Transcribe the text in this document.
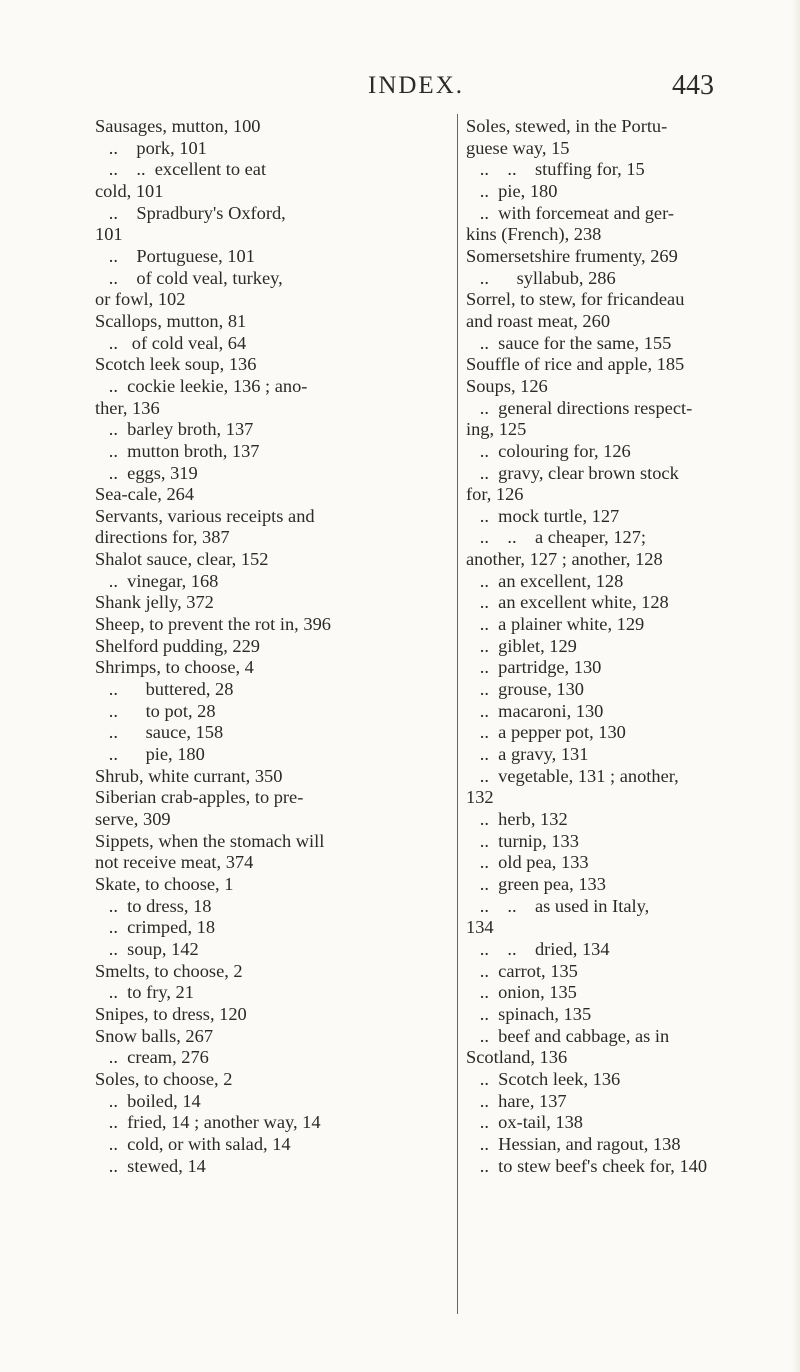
INDEX.	443
Sausages, mutton, 100
..    pork, 101
..    ..  excellent to eat
cold, 101
..    Spradbury's Oxford,
101
..    Portuguese, 101
..    of cold veal, turkey,
or fowl, 102
Scallops, mutton, 81
..   of cold veal, 64
Scotch leek soup, 136
..  cockie leekie, 136 ; ano-
ther, 136
..  barley broth, 137
..  mutton broth, 137
..  eggs, 319
Sea-cale, 264
Servants, various receipts and
directions for, 387
Shalot sauce, clear, 152
..  vinegar, 168
Shank jelly, 372
Sheep, to prevent the rot in, 396
Shelford pudding, 229
Shrimps, to choose, 4
..      buttered, 28
..      to pot, 28
..      sauce, 158
..      pie, 180
Shrub, white currant, 350
Siberian crab-apples, to pre-
serve, 309
Sippets, when the stomach will
not receive meat, 374
Skate, to choose, 1
..  to dress, 18
..  crimped, 18
..  soup, 142
Smelts, to choose, 2
..  to fry, 21
Snipes, to dress, 120
Snow balls, 267
..  cream, 276
Soles, to choose, 2
..  boiled, 14
..  fried, 14 ; another way, 14
..  cold, or with salad, 14
..  stewed, 14
Soles, stewed, in the Portu-
guese way, 15
..    ..    stuffing for, 15
..  pie, 180
..  with forcemeat and ger-
kins (French), 238
Somersetshire frumenty, 269
..      syllabub, 286
Sorrel, to stew, for fricandeau
and roast meat, 260
..  sauce for the same, 155
Souffle of rice and apple, 185
Soups, 126
..  general directions respect-
ing, 125
..  colouring for, 126
..  gravy, clear brown stock
for, 126
..  mock turtle, 127
..    ..    a cheaper, 127;
another, 127 ; another, 128
..  an excellent, 128
..  an excellent white, 128
..  a plainer white, 129
..  giblet, 129
..  partridge, 130
..  grouse, 130
..  macaroni, 130
..  a pepper pot, 130
..  a gravy, 131
..  vegetable, 131 ; another,
132
..  herb, 132
..  turnip, 133
..  old pea, 133
..  green pea, 133
..    ..    as used in Italy,
134
..    ..    dried, 134
..  carrot, 135
..  onion, 135
..  spinach, 135
..  beef and cabbage, as in
Scotland, 136
..  Scotch leek, 136
..  hare, 137
..  ox-tail, 138
..  Hessian, and ragout, 138
..  to stew beef's cheek for, 140
